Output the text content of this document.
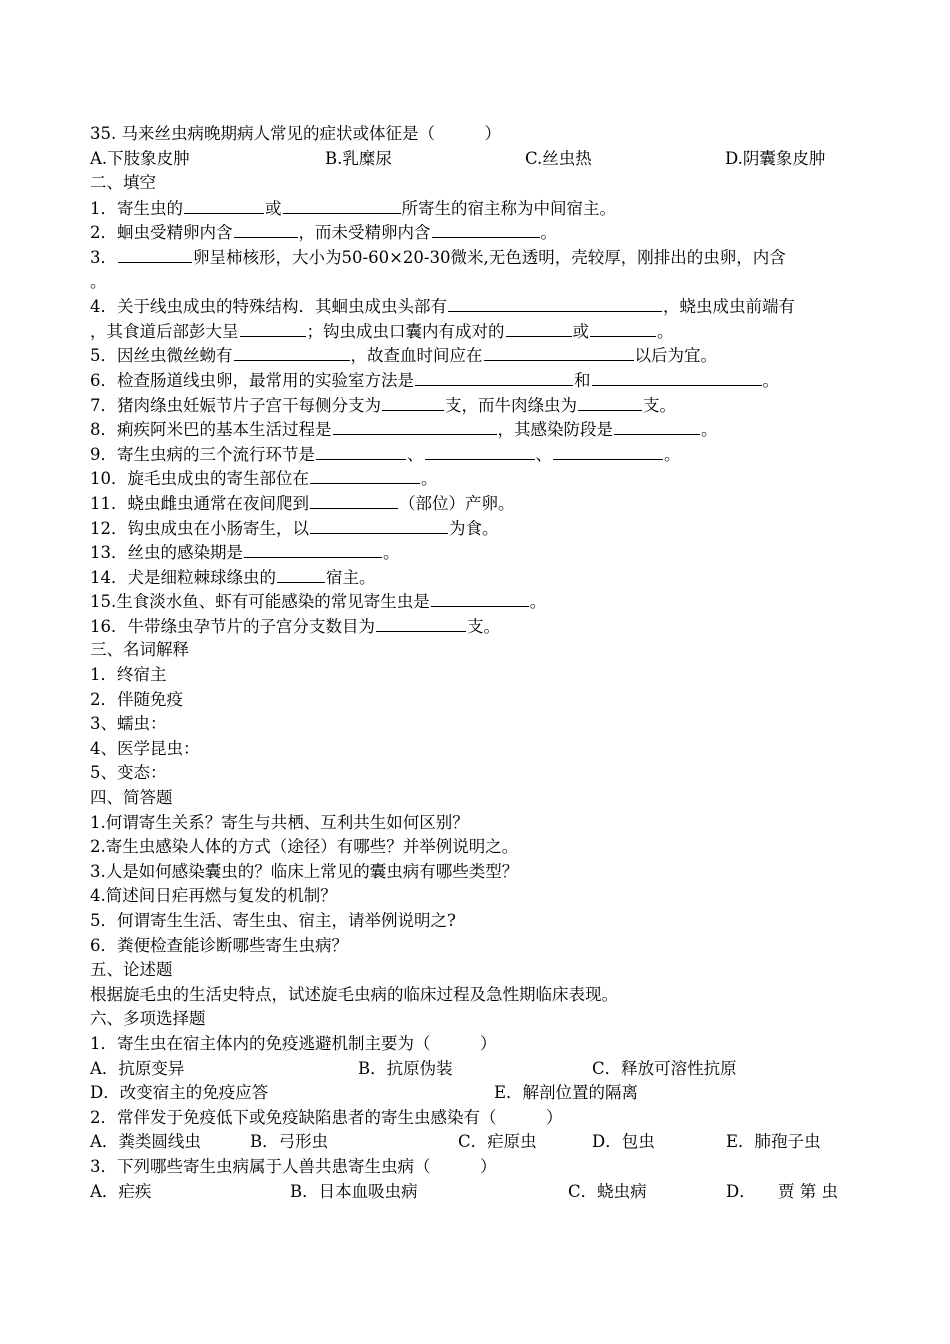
35. 马来丝虫病晚期病人常见的症状或体征是（　　　）
A.下肢象皮肿	B.乳糜尿	C.丝虫热	D.阴囊象皮肿
二、填空
1．寄生虫的	或	所寄生的宿主称为中间宿主。
2．蛔虫受精卵内含	，而未受精卵内含	。
3．	卵呈柿核形，大小为50-60×20-30微米,无色透明，壳较厚，刚排出的虫卵，内含
。
4．关于线虫成虫的特殊结构．其蛔虫成虫头部有	，蛲虫成虫前端有
，其食道后部彭大呈	；钩虫成虫口囊内有成对的	或	。
5．因丝虫微丝蚴有	，故查血时间应在	以后为宜。
6．检查肠道线虫卵，最常用的实验室方法是	和	。
7．猪肉绦虫妊娠节片子宫干每侧分支为	支，而牛肉绦虫为	支。
8．痢疾阿米巴的基本生活过程是	，其感染防段是	。
9．寄生虫病的三个流行环节是	、	、	。
10．旋毛虫成虫的寄生部位在	。
11．蛲虫雌虫通常在夜间爬到	（部位）产卵。
12．钩虫成虫在小肠寄生，以	为食。
13．丝虫的感染期是	。
14．犬是细粒棘球绦虫的	宿主。
15.生食淡水鱼、虾有可能感染的常见寄生虫是	。
16．牛带绦虫孕节片的子宫分支数目为	支。
三、名词解释
1．终宿主
2．伴随免疫
3、蠕虫：
4、医学昆虫：
5、变态：
四、简答题
1.何谓寄生关系？寄生与共栖、互利共生如何区别？
2.寄生虫感染人体的方式（途径）有哪些？并举例说明之。
3.人是如何感染囊虫的？临床上常见的囊虫病有哪些类型？
4.简述间日疟再燃与复发的机制？
5．何谓寄生生活、寄生虫、宿主，请举例说明之?
6．粪便检查能诊断哪些寄生虫病？
五、论述题
根据旋毛虫的生活史特点，试述旋毛虫病的临床过程及急性期临床表现。
六、多项选择题
1．寄生虫在宿主体内的免疫逃避机制主要为（　　　）
A．抗原变异	B．抗原伪装	C．释放可溶性抗原
D．改变宿主的免疫应答	E．解剖位置的隔离
2．常伴发于免疫低下或免疫缺陷患者的寄生虫感染有（　　　）
A．粪类圆线虫	B．弓形虫	C．疟原虫	D．包虫	E．肺孢子虫
3．下列哪些寄生虫病属于人兽共患寄生虫病（　　　）
A．疟疾	B．日本血吸虫病	C．蛲虫病	D．	贾 第 虫
